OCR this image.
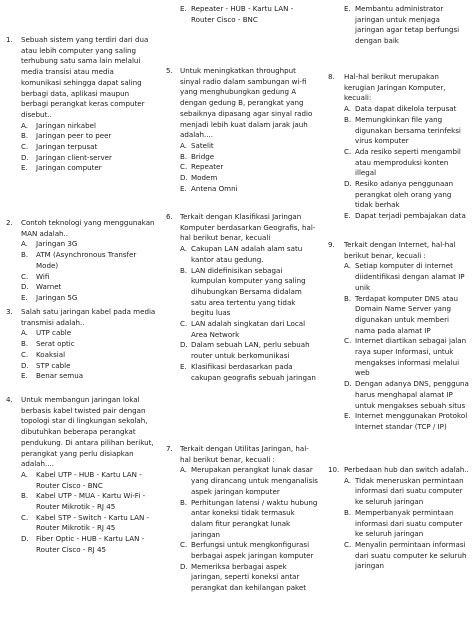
1. Sebuah sistem yang terdiri dari dua atau lebih computer yang saling terhubung satu sama lain melalui media transisi atau media komunikasi sehingga dapat saling berbagi data, aplikasi maupun berbagi perangkat keras computer disebut..
A. Jaringan nirkabel
B. Jaringan peer to peer
C. Jaringan terpusat
D. Jaringan client-server
E. Jaringan computer
2. Contoh teknologi yang menggunakan MAN adalah..
A. Jaringan 3G
B. ATM (Asynchronous Transfer Mode)
C. Wifi
D. Warnet
E. Jaringan 5G
3. Salah satu jaringan kabel pada media transmisi adalah..
A. UTP cable
B. Serat optic
C. Koaksial
D. STP cable
E. Benar semua
4. Untuk membangun jaringan lokal berbasis kabel twisted pair dengan topologi star di lingkungan sekolah, dibutuhkan beberapa perangkat pendukung. Di antara pilihan berikut, perangkat yang perlu disiapkan adalah....
A. Kabel UTP - HUB - Kartu LAN - Router Cisco - BNC
B. Kabel UTP - MUA - Kartu Wi-Fi - Router Mikrotik - RJ 45
C. Kabel STP - Switch - Kartu LAN - Router Mikrotik - RJ 45
D. Fiber Optic - HUB - Kartu LAN - Router Cisco - RJ 45
E. Repeater - HUB - Kartu LAN - Router Cisco - BNC
5. Untuk meningkatkan throughput sinyal radio dalam sambungan wi-fi yang menghubungkan gedung A dengan gedung B, perangkat yang sebaiknya dipasang agar sinyal radio menjadi lebih kuat dalam jarak jauh adalah....
A. Satelit
B. Bridge
C. Repeater
D. Modem
E. Antena Omni
6. Terkait dengan Klasifikasi Jaringan Komputer berdasarkan Geografis, hal-hal berikut benar, kecuali
A. Cakupan LAN adalah alam satu kantor atau gedung.
B. LAN didefinisikan sebagai kumpulan komputer yang saling dihubungkan Bersama didalam satu area tertentu yang tidak begitu luas
C. LAN adalah singkatan dari Local Area Network
D. Dalam sebuah LAN, perlu sebuah router untuk berkomunikasi
E. Klasifikasi berdasarkan pada cakupan geografis sebuah jaringan
7. Terkait dengan Utilitas Jaringan, hal-hal berikut benar, kecuali :
A. Merupakan perangkat lunak dasar yang dirancang untuk menganalisis aspek jaringan komputer
B. Perhitungan latensi / waktu hubung antar koneksi tidak termasuk dalam fitur perangkat lunak jaringan
C. Berfungsi untuk mengkonfigurasi berbagai aspek jaringan komputer
D. Memeriksa berbagai aspek jaringan, seperti koneksi antar perangkat dan kehilangan paket
E. Membantu administrator jaringan untuk menjaga jaringan agar tetap berfungsi dengan baik
8. Hal-hal berikut merupakan kerugian Jaringan Komputer, kecuali:
A. Data dapat dikelola terpusat
B. Memungkinkan file yang digunakan bersama terinfeksi virus komputer
C. Ada resiko seperti mengambil atau memproduksi konten illegal
D. Resiko adanya penggunaan perangkat oleh orang yang tidak berhak
E. Dapat terjadi pembajakan data
9. Terkait dengan Internet, hal-hal berikut benar, kecuali :
A. Setiap komputer di internet diidentifikasi dengan alamat IP unik
B. Terdapat komputer DNS atau Domain Name Server yang digunakan untuk memberi nama pada alamat IP
C. Internet diartikan sebagai jalan raya super Informasi, untuk mengakses informasi melalui web
D. Dengan adanya DNS, pengguna harus menghapal alamat IP untuk mengakses sebuah situs
E. Internet menggunakan Protokol Internet standar (TCP / IP)
10. Perbedaan hub dan switch adalah..
A. Tidak meneruskan permintaan informasi dari suatu computer ke seluruh jaringan
B. Memperbanyak permintaan informasi dari suatu computer ke seluruh jaringan
C. Menyalin permintaan informasi dari suatu computer ke seluruh jaringan
